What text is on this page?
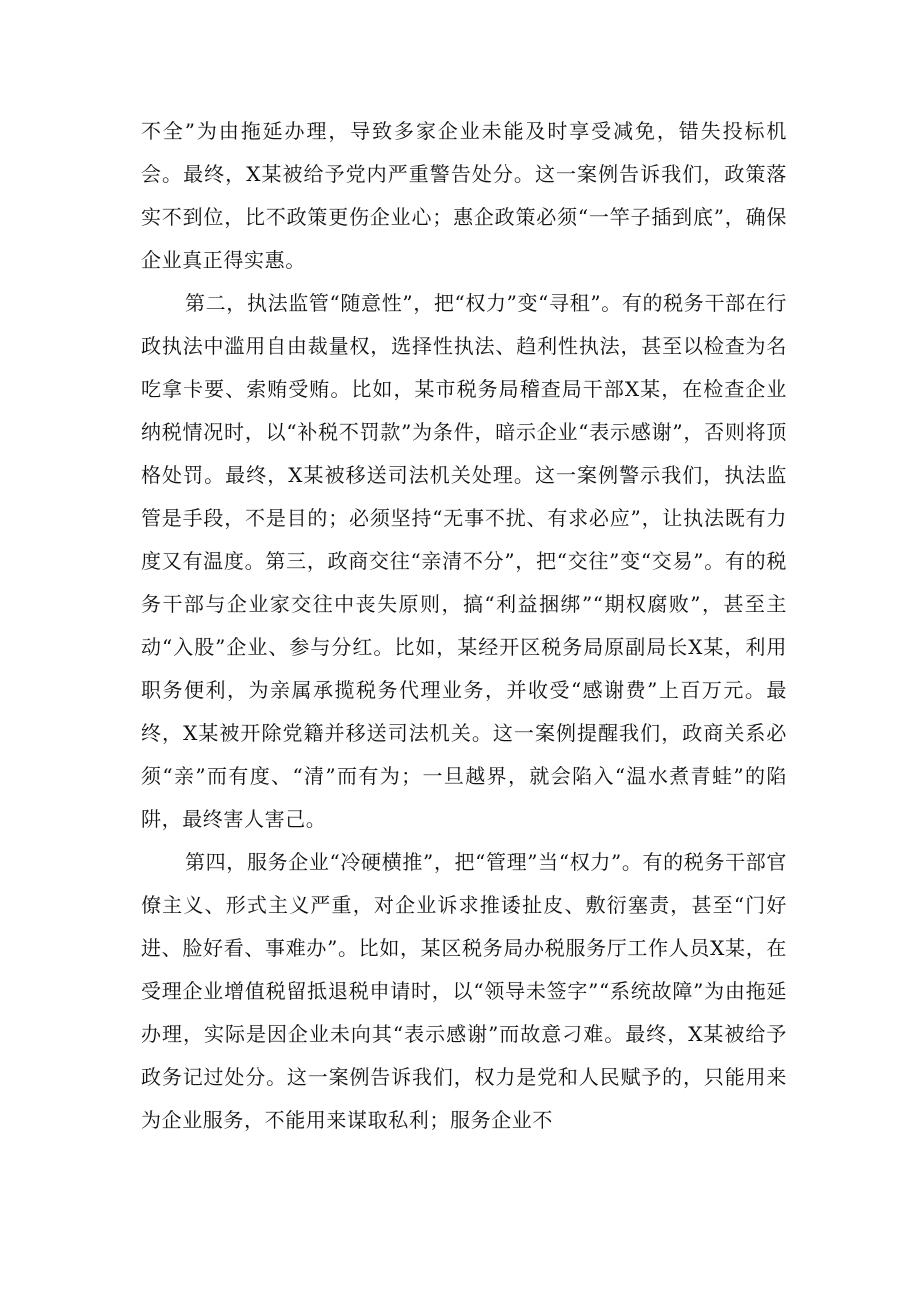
不全”为由拖延办理，导致多家企业未能及时享受减免，错失投标机会。最终，X某被给予党内严重警告处分。这一案例告诉我们，政策落实不到位，比不政策更伤企业心；惠企政策必须“一竿子插到底”，确保企业真正得实惠。

第二，执法监管“随意性”，把“权力”变“寻租”。有的税务干部在行政执法中滥用自由裁量权，选择性执法、趋利性执法，甚至以检查为名吃拿卡要、索贿受贿。比如，某市税务局稽查局干部X某，在检查企业纳税情况时，以“补税不罚款”为条件，暗示企业“表示感谢”，否则将顶格处罚。最终，X某被移送司法机关处理。这一案例警示我们，执法监管是手段，不是目的；必须坚持“无事不扰、有求必应”，让执法既有力度又有温度。第三，政商交往“亲清不分”，把“交往”变“交易”。有的税务干部与企业家交往中丧失原则，搞“利益捆绑”“期权腐败”，甚至主动“入股”企业、参与分红。比如，某经开区税务局原副局长X某，利用职务便利，为亲属承揽税务代理业务，并收受“感谢费”上百万元。最终，X某被开除党籍并移送司法机关。这一案例提醒我们，政商关系必须“亲”而有度、“清”而有为；一旦越界，就会陷入“温水煮青蛙”的陷阱，最终害人害己。

第四，服务企业“冷硬横推”，把“管理”当“权力”。有的税务干部官僚主义、形式主义严重，对企业诉求推诿扯皮、敷衍塞责，甚至“门好进、脸好看、事难办”。比如，某区税务局办税服务厅工作人员X某，在受理企业增值税留抵退税申请时，以“领导未签字”“系统故障”为由拖延办理，实际是因企业未向其“表示感谢”而故意刁难。最终，X某被给予政务记过处分。这一案例告诉我们，权力是党和人民赋予的，只能用来为企业服务，不能用来谋取私利；服务企业不
